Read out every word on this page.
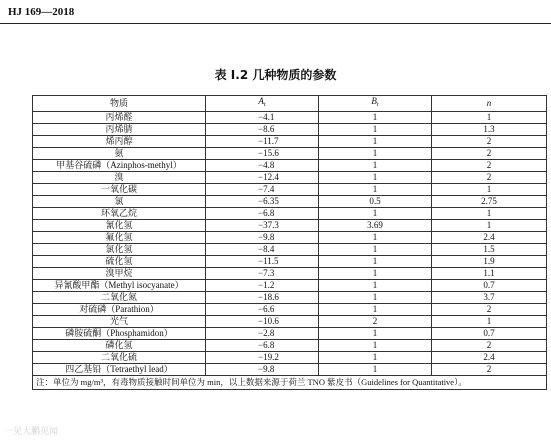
HJ 169—2018
表 I.2 几种物质的参数
物质	$A_t$	$B_t$	n
丙烯醛	−4.1	1	1
丙烯腈	−8.6	1	1.3
烯丙醇	−11.7	1	2
氨	−15.6	1	2
甲基谷硫磷（Azinphos-methyl）	−4.8	1	2
溴	−12.4	1	2
一氧化碳	−7.4	1	1
氯	−6.35	0.5	2.75
环氧乙烷	−6.8	1	1
氰化氢	−37.3	3.69	1
氟化氢	−9.8	1	2.4
氯化氢	−8.4	1	1.5
硫化氢	−11.5	1	1.9
溴甲烷	−7.3	1	1.1
异氰酸甲酯（Methyl isocyanate）	−1.2	1	0.7
二氧化氮	−18.6	1	3.7
对硫磷（Parathion）	−6.6	1	2
光气	−10.6	2	1
磷胺硫酮（Phosphamidon）	−2.8	1	0.7
磷化氢	−6.8	1	2
二氧化硫	−19.2	1	2.4
四乙基铅（Tetraethyl lead）	−9.8	1	2
注：单位为 mg/m³，有毒物质接触时间单位为 min，以上数据来源于荷兰 TNO 紫皮书（Guidelines for Quantitative）。			
一见大鹏见闻
